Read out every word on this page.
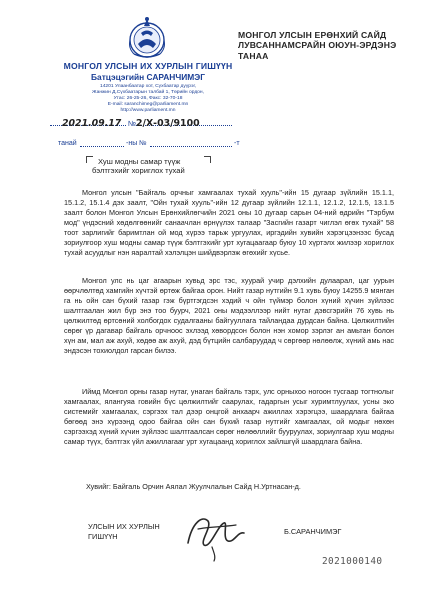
МОНГОЛ УЛСЫН ИХ ХУРЛЫН ГИШҮҮН
Батцэцэгийн САРАНЧИМЭГ
14201 Улаанбаатар хот, Сүхбаатар дүүрэг,
Жанжин Д.Сүхбаатарын талбай 1, Төрийн ордон,
Утас: 26-25-26, Факс: 32-70-18
E-mail: saranchimeg@parliament.mn
http://www.parliament.mn
МОНГОЛ УЛСЫН ЕРӨНХИЙ САЙД
ЛУВСАННАМСРАЙН ОЮУН-ЭРДЭНЭ
ТАНАА
2021.09.17 № 2/Х-03/9100
танай	-ны №	-т
Хуш модны самар түүж
бэлтгэхийг хориглох тухай
Монгол улсын "Байгаль орчныг хамгаалах тухай хууль"-ийн 15 дугаар зүйлийн 15.1.1, 15.1.2, 15.1.4 дэх заалт, "Ойн тухай хууль"-ийн 12 дугаар зүйлийн 12.1.1, 12.1.2, 12.1.5, 13.1.5 заалт болон Монгол Улсын Ерөнхийлөгчийн 2021 оны 10 дугаар сарын 04-ний өдрийн "Тэрбум мод" үндэсний хөдөлгөөнийг санаачлан өрнүүлэх талаар "Засгийн газарт чиглэл өгөх тухай" 58 тоот зарлигийг баримтлан ой мод хүрээ тарьж ургуулах, иргэдийн хувийн хэрэгцээнээс бусад зориулгоор хуш модны самар түүж бэлтгэхийг урт хугацаагаар буюу 10 хүртэлх жилээр хориглох тухай асуудлыг нэн яаралтай хэлэлцэн шийдвэрлэж өгөхийг хүсье.
Монгол улс нь цаг агаарын хувьд эрс тэс, хуурай учир дэлхийн дулаарал, цаг уурын өөрчлөлтөд хамгийн хүчтэй өртөж байгаа орон. Нийт газар нутгийн 9.1 хувь буюу 14255.9 мянган га нь ойн сан бүхий газар гэж бүртгэгдсэн хэдий ч ойн түймэр болон хүний хүчин зүйлээс шалтгаалан жил бүр энэ тоо буурч, 2021 оны мэдээллээр нийт нутаг дэвсгэрийн 76 хувь нь цөлжилтөд өртсөний холбогдох судалгааны байгууллага тайландаа дурдсан байна. Цөлжилтийн сөрөг үр дагавар байгаль орчноос эхлээд хөвордсон болон нэн хомор зэрлэг ан амьтан болон хүн ам, мал аж ахуй, хөдөө аж ахуй, дэд бүтцийн салбаруудад ч сөргөөр нөлөөлж, хүний амь нас эндэсэн тохиолдол гарсан билээ.
Иймд Монгол орны газар нутаг, унаган байгаль тэрх, улс орныхоо ногоон тусгаар тогтнолыг хамгаалах, ялангуяа говийн бүс цөлжилтийг саарулах, гадаргын усыг хуримтлуулах, усны эко системийг хамгаалах, сэргээх тал дээр онцгой анхаарч ажиллах хэрэгцээ, шаардлага байгаа бөгөөд энэ хүрээнд одоо байгаа ойн сан бүхий газар нутгийг хамгаалах, ой модыг нөхөн сэргээхэд хүний хүчин зүйлээс шалтгаалсан сөрөг нөлөөллийг бууруулах, зориулгаар хуш модны самар түүх, бэлтгэх үйл ажиллагааг урт хугацаанд хориглох зайлшгүй шаардлага байна.
Хувийг: Байгаль Орчин Аялал Жуулчлалын Сайд Н.Уртнасан-д.
УЛСЫН ИХ ХУРЛЫН
ГИШҮҮН
Б.САРАНЧИМЭГ
2021000140
